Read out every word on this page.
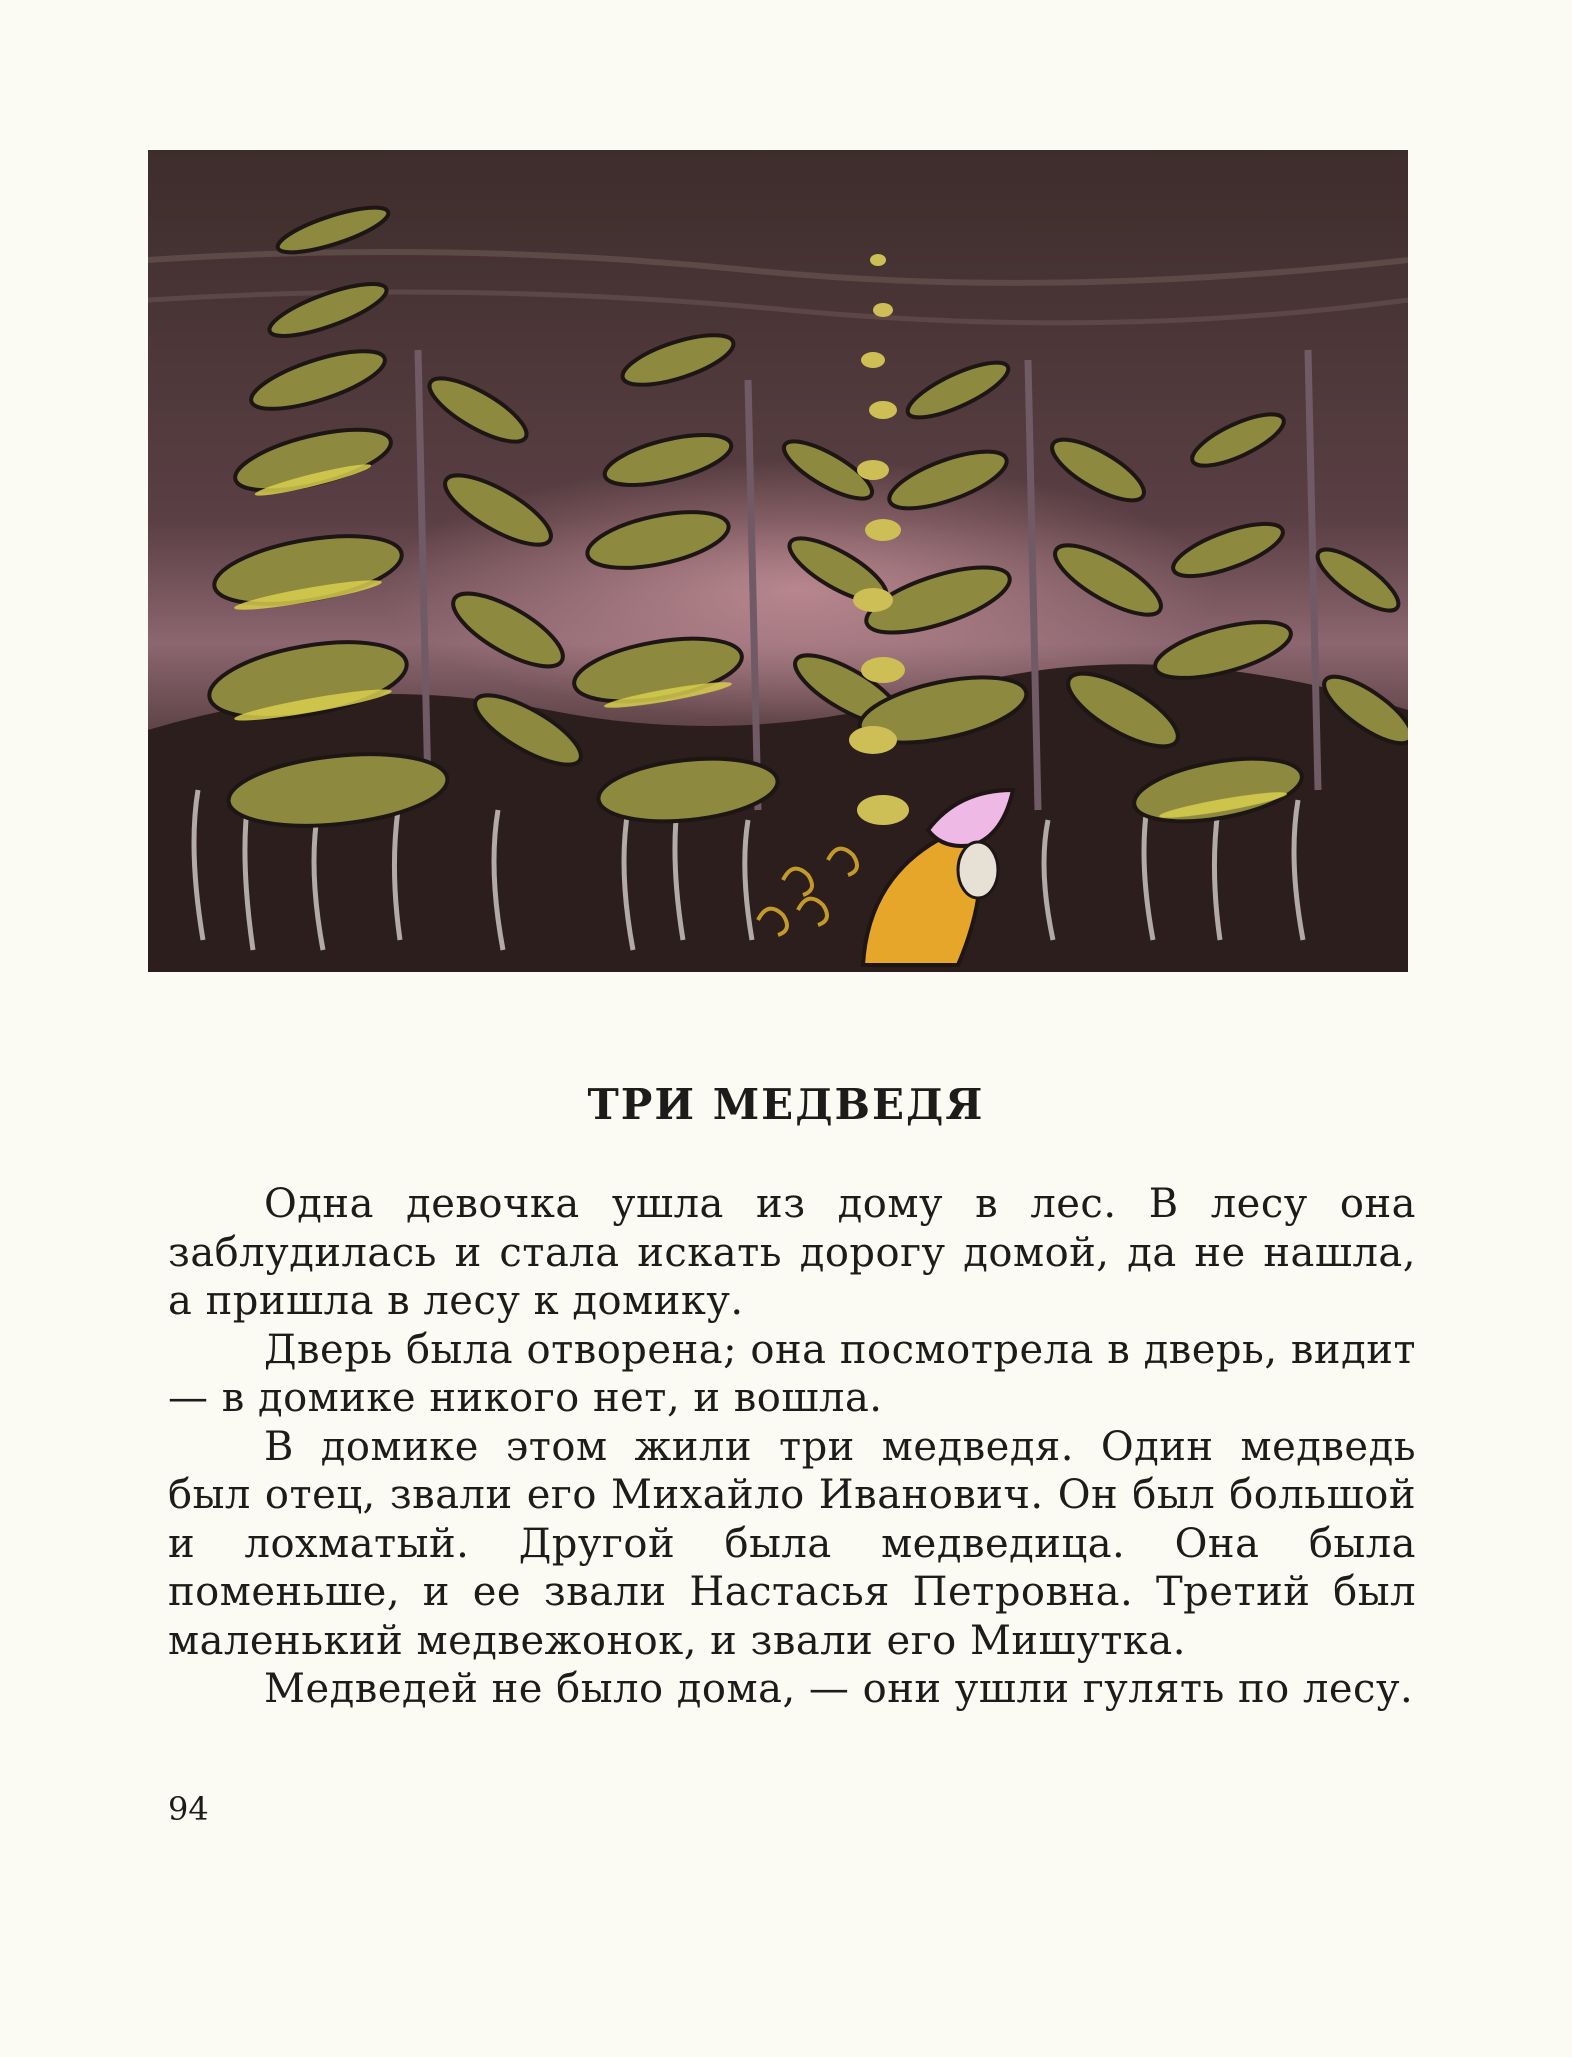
ТРИ МЕДВЕДЯ

Одна девочка ушла из дому в лес. В лесу она заблудилась и стала искать дорогу домой, да не нашла, а пришла в лесу к домику.

Дверь была отворена; она посмотрела в дверь, видит — в домике никого нет, и вошла.

В домике этом жили три медведя. Один медведь был отец, звали его Михайло Иванович. Он был большой и лохматый. Другой была медведица. Она была поменьше, и ее звали Настасья Петровна. Третий был маленький медвежонок, и звали его Мишутка.

Медведей не было дома, — они ушли гулять по лесу.

94
